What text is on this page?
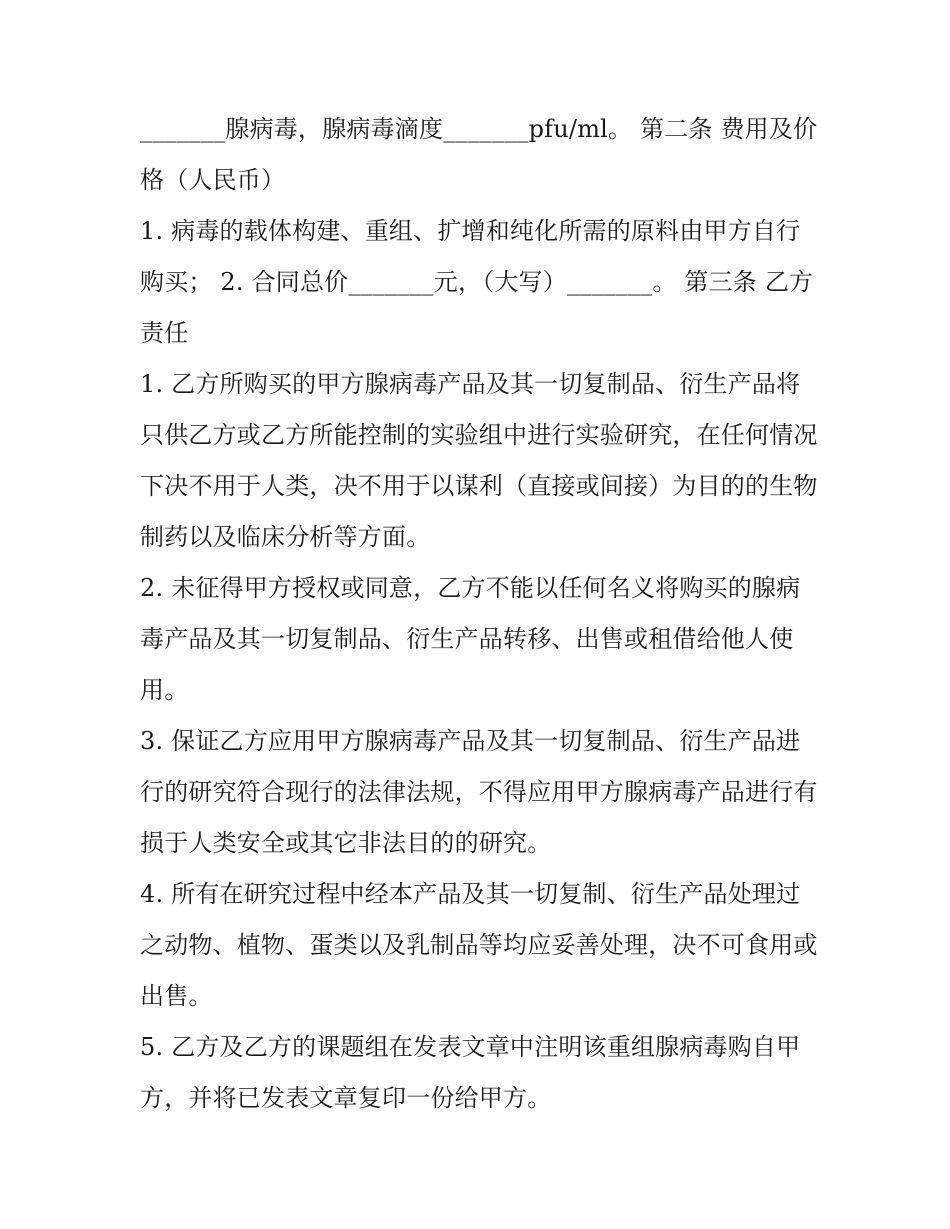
_______腺病毒，腺病毒滴度_______pfu/ml。 第二条 费用及价格（人民币）

1. 病毒的载体构建、重组、扩增和纯化所需的原料由甲方自行购买； 2. 合同总价_______元，（大写）_______。 第三条 乙方责任

1. 乙方所购买的甲方腺病毒产品及其一切复制品、衍生产品将只供乙方或乙方所能控制的实验组中进行实验研究，在任何情况下决不用于人类，决不用于以谋利（直接或间接）为目的的生物制药以及临床分析等方面。

2. 未征得甲方授权或同意，乙方不能以任何名义将购买的腺病毒产品及其一切复制品、衍生产品转移、出售或租借给他人使用。

3. 保证乙方应用甲方腺病毒产品及其一切复制品、衍生产品进行的研究符合现行的法律法规，不得应用甲方腺病毒产品进行有损于人类安全或其它非法目的的研究。

4. 所有在研究过程中经本产品及其一切复制、衍生产品处理过之动物、植物、蛋类以及乳制品等均应妥善处理，决不可食用或出售。

5. 乙方及乙方的课题组在发表文章中注明该重组腺病毒购自甲方，并将已发表文章复印一份给甲方。
